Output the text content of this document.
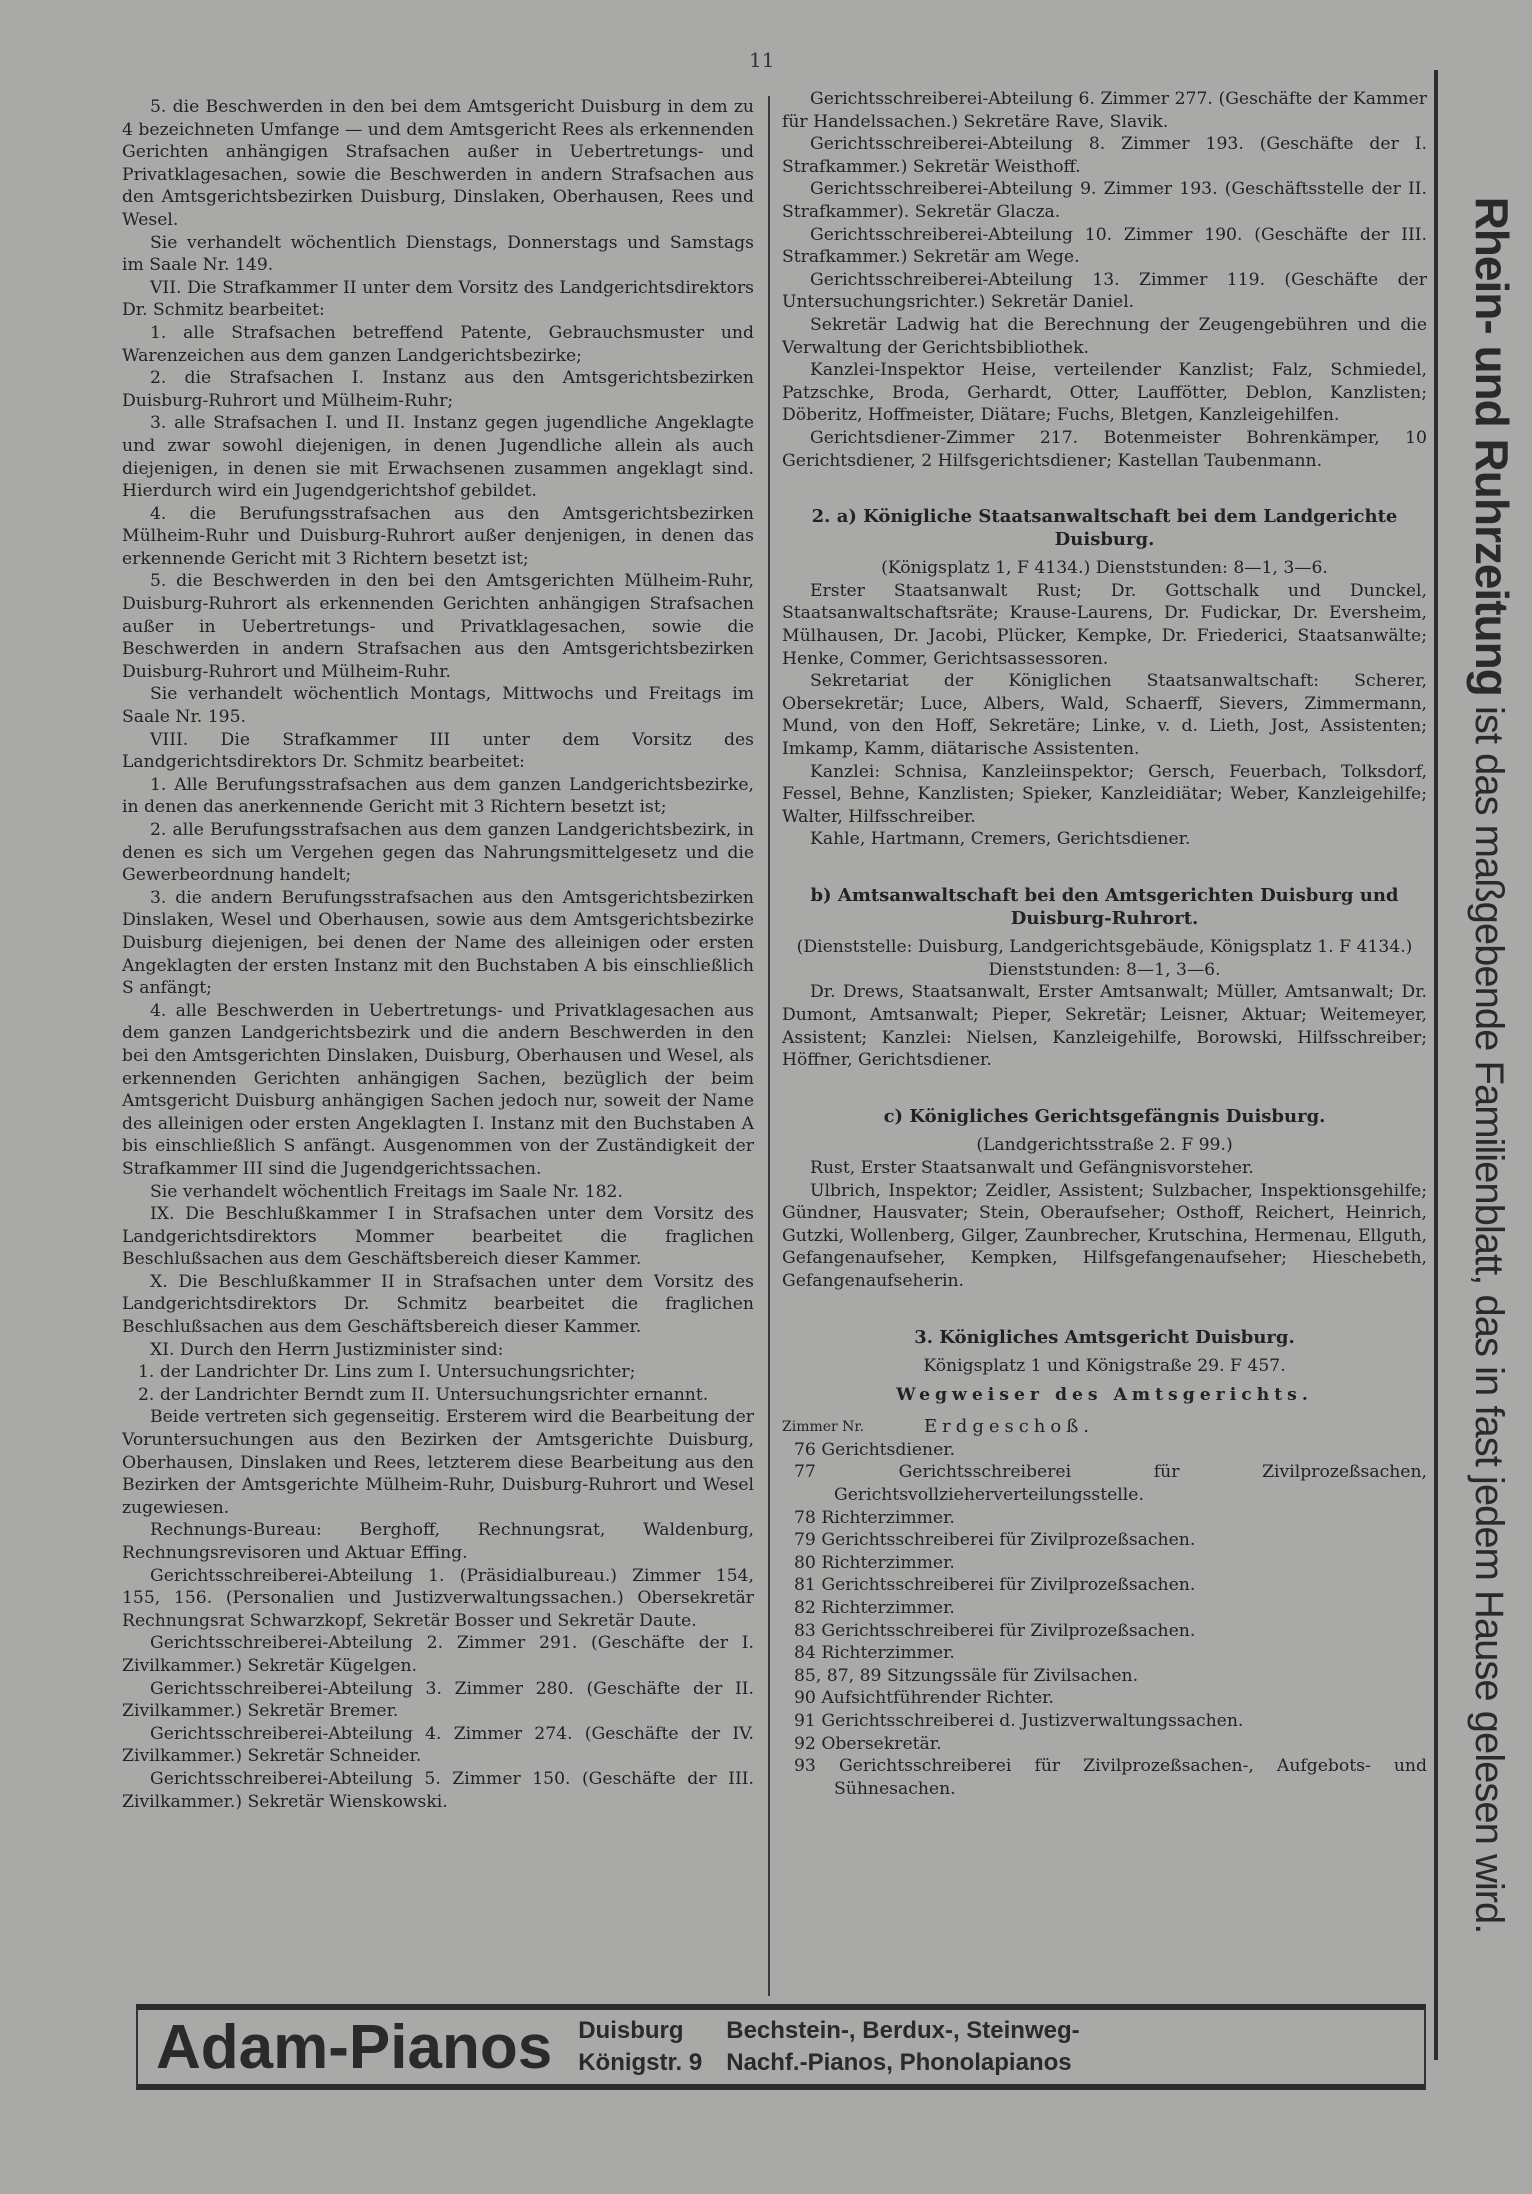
11

5. die Beschwerden in den bei dem Amtsgericht Duisburg in dem zu 4 bezeichneten Umfange — und dem Amtsgericht Rees als erkennenden Gerichten anhängigen Strafsachen außer in Uebertretungs- und Privatklagesachen, sowie die Beschwerden in andern Strafsachen aus den Amtsgerichtsbezirken Duisburg, Dinslaken, Oberhausen, Rees und Wesel.

Sie verhandelt wöchentlich Dienstags, Donnerstags und Samstags im Saale Nr. 149.

VII. Die Strafkammer II unter dem Vorsitz des Landgerichtsdirektors Dr. Schmitz bearbeitet:

1. alle Strafsachen betreffend Patente, Gebrauchsmuster und Warenzeichen aus dem ganzen Landgerichtsbezirke;

2. die Strafsachen I. Instanz aus den Amtsgerichtsbezirken Duisburg-Ruhrort und Mülheim-Ruhr;

3. alle Strafsachen I. und II. Instanz gegen jugendliche Angeklagte und zwar sowohl diejenigen, in denen Jugendliche allein als auch diejenigen, in denen sie mit Erwachsenen zusammen angeklagt sind. Hierdurch wird ein Jugendgerichtshof gebildet.

4. die Berufungsstrafsachen aus den Amtsgerichtsbezirken Mülheim-Ruhr und Duisburg-Ruhrort außer denjenigen, in denen das erkennende Gericht mit 3 Richtern besetzt ist;

5. die Beschwerden in den bei den Amtsgerichten Mülheim-Ruhr, Duisburg-Ruhrort als erkennenden Gerichten anhängigen Strafsachen außer in Uebertretungs- und Privatklagesachen, sowie die Beschwerden in andern Strafsachen aus den Amtsgerichtsbezirken Duisburg-Ruhrort und Mülheim-Ruhr.

Sie verhandelt wöchentlich Montags, Mittwochs und Freitags im Saale Nr. 195.

VIII. Die Strafkammer III unter dem Vorsitz des Landgerichtsdirektors Dr. Schmitz bearbeitet:

1. Alle Berufungsstrafsachen aus dem ganzen Landgerichtsbezirke, in denen das anerkennende Gericht mit 3 Richtern besetzt ist;

2. alle Berufungsstrafsachen aus dem ganzen Landgerichtsbezirk, in denen es sich um Vergehen gegen das Nahrungsmittelgesetz und die Gewerbeordnung handelt;

3. die andern Berufungsstrafsachen aus den Amtsgerichtsbezirken Dinslaken, Wesel und Oberhausen, sowie aus dem Amtsgerichtsbezirke Duisburg diejenigen, bei denen der Name des alleinigen oder ersten Angeklagten der ersten Instanz mit den Buchstaben A bis einschließlich S anfängt;

4. alle Beschwerden in Uebertretungs- und Privatklagesachen aus dem ganzen Landgerichtsbezirk und die andern Beschwerden in den bei den Amtsgerichten Dinslaken, Duisburg, Oberhausen und Wesel, als erkennenden Gerichten anhängigen Sachen, bezüglich der beim Amtsgericht Duisburg anhängigen Sachen jedoch nur, soweit der Name des alleinigen oder ersten Angeklagten I. Instanz mit den Buchstaben A bis einschließlich S anfängt. Ausgenommen von der Zuständigkeit der Strafkammer III sind die Jugendgerichtssachen.

Sie verhandelt wöchentlich Freitags im Saale Nr. 182.

IX. Die Beschlußkammer I in Strafsachen unter dem Vorsitz des Landgerichtsdirektors Mommer bearbeitet die fraglichen Beschlußsachen aus dem Geschäftsbereich dieser Kammer.

X. Die Beschlußkammer II in Strafsachen unter dem Vorsitz des Landgerichtsdirektors Dr. Schmitz bearbeitet die fraglichen Beschlußsachen aus dem Geschäftsbereich dieser Kammer.

XI. Durch den Herrn Justizminister sind:

1. der Landrichter Dr. Lins zum I. Untersuchungsrichter;

2. der Landrichter Berndt zum II. Untersuchungsrichter ernannt.

Beide vertreten sich gegenseitig. Ersterem wird die Bearbeitung der Voruntersuchungen aus den Bezirken der Amtsgerichte Duisburg, Oberhausen, Dinslaken und Rees, letzterem diese Bearbeitung aus den Bezirken der Amtsgerichte Mülheim-Ruhr, Duisburg-Ruhrort und Wesel zugewiesen.

Rechnungs-Bureau: Berghoff, Rechnungsrat, Waldenburg, Rechnungsrevisoren und Aktuar Effing.

Gerichtsschreiberei-Abteilung 1. (Präsidialbureau.) Zimmer 154, 155, 156. (Personalien und Justizverwaltungssachen.) Obersekretär Rechnungsrat Schwarzkopf, Sekretär Bosser und Sekretär Daute.

Gerichtsschreiberei-Abteilung 2. Zimmer 291. (Geschäfte der I. Zivilkammer.) Sekretär Kügelgen.

Gerichtsschreiberei-Abteilung 3. Zimmer 280. (Geschäfte der II. Zivilkammer.) Sekretär Bremer.

Gerichtsschreiberei-Abteilung 4. Zimmer 274. (Geschäfte der IV. Zivilkammer.) Sekretär Schneider.

Gerichtsschreiberei-Abteilung 5. Zimmer 150. (Geschäfte der III. Zivilkammer.) Sekretär Wienskowski.

Gerichtsschreiberei-Abteilung 6. Zimmer 277. (Geschäfte der Kammer für Handelssachen.) Sekretäre Rave, Slavik.

Gerichtsschreiberei-Abteilung 8. Zimmer 193. (Geschäfte der I. Strafkammer.) Sekretär Weisthoff.

Gerichtsschreiberei-Abteilung 9. Zimmer 193. (Geschäftsstelle der II. Strafkammer). Sekretär Glacza.

Gerichtsschreiberei-Abteilung 10. Zimmer 190. (Geschäfte der III. Strafkammer.) Sekretär am Wege.

Gerichtsschreiberei-Abteilung 13. Zimmer 119. (Geschäfte der Untersuchungsrichter.) Sekretär Daniel.

Sekretär Ladwig hat die Berechnung der Zeugengebühren und die Verwaltung der Gerichtsbibliothek.

Kanzlei-Inspektor Heise, verteilender Kanzlist; Falz, Schmiedel, Patzschke, Broda, Gerhardt, Otter, Lauffötter, Deblon, Kanzlisten; Döberitz, Hoffmeister, Diätare; Fuchs, Bletgen, Kanzleigehilfen.

Gerichtsdiener-Zimmer 217. Botenmeister Bohrenkämper, 10 Gerichtsdiener, 2 Hilfsgerichtsdiener; Kastellan Taubenmann.

2. a) Königliche Staatsanwaltschaft bei dem Landgerichte Duisburg.

(Königsplatz 1, F 4134.) Dienststunden: 8—1, 3—6.

Erster Staatsanwalt Rust; Dr. Gottschalk und Dunckel, Staatsanwaltschaftsräte; Krause-Laurens, Dr. Fudickar, Dr. Eversheim, Mülhausen, Dr. Jacobi, Plücker, Kempke, Dr. Friederici, Staatsanwälte; Henke, Commer, Gerichtsassessoren.

Sekretariat der Königlichen Staatsanwaltschaft: Scherer, Obersekretär; Luce, Albers, Wald, Schaerff, Sievers, Zimmermann, Mund, von den Hoff, Sekretäre; Linke, v. d. Lieth, Jost, Assistenten; Imkamp, Kamm, diätarische Assistenten.

Kanzlei: Schnisa, Kanzleiinspektor; Gersch, Feuerbach, Tolksdorf, Fessel, Behne, Kanzlisten; Spieker, Kanzleidiätar; Weber, Kanzleigehilfe; Walter, Hilfsschreiber.

Kahle, Hartmann, Cremers, Gerichtsdiener.

b) Amtsanwaltschaft bei den Amtsgerichten Duisburg und Duisburg-Ruhrort.

(Dienststelle: Duisburg, Landgerichtsgebäude, Königsplatz 1. F 4134.)

Dienststunden: 8—1, 3—6.

Dr. Drews, Staatsanwalt, Erster Amtsanwalt; Müller, Amtsanwalt; Dr. Dumont, Amtsanwalt; Pieper, Sekretär; Leisner, Aktuar; Weitemeyer, Assistent; Kanzlei: Nielsen, Kanzleigehilfe, Borowski, Hilfsschreiber; Höffner, Gerichtsdiener.

c) Königliches Gerichtsgefängnis Duisburg.

(Landgerichtsstraße 2. F 99.)

Rust, Erster Staatsanwalt und Gefängnisvorsteher.

Ulbrich, Inspektor; Zeidler, Assistent; Sulzbacher, Inspektionsgehilfe; Gündner, Hausvater; Stein, Oberaufseher; Osthoff, Reichert, Heinrich, Gutzki, Wollenberg, Gilger, Zaunbrecher, Krutschina, Hermenau, Ellguth, Gefangenaufseher, Kempken, Hilfsgefangenaufseher; Hieschebeth, Gefangenaufseherin.

3. Königliches Amtsgericht Duisburg.

Königsplatz 1 und Königstraße 29. F 457.

Wegweiser des Amtsgerichts.

Zimmer Nr.	Erdgeschoß.

76 Gerichtsdiener.

77	Gerichtsschreiberei für Zivilprozeßsachen, Gerichtsvollzieherverteilungsstelle.

78 Richterzimmer.

79 Gerichtsschreiberei für Zivilprozeßsachen.

80 Richterzimmer.

81 Gerichtsschreiberei für Zivilprozeßsachen.

82 Richterzimmer.

83 Gerichtsschreiberei für Zivilprozeßsachen.

84 Richterzimmer.

85, 87, 89 Sitzungssäle für Zivilsachen.

90 Aufsichtführender Richter.

91 Gerichtsschreiberei d. Justizverwaltungssachen.

92 Obersekretär.

93 Gerichtsschreiberei für Zivilprozeßsachen-, Aufgebots- und Sühnesachen.

Rhein- und Ruhrzeitung ist das maßgebende Familienblatt, das in fast jedem Hause gelesen wird.
Adam-Pianos Duisburg
Königstr. 9
Bechstein-, Berdux-, Steinweg-
Nachf.-Pianos, Phonolapianos
